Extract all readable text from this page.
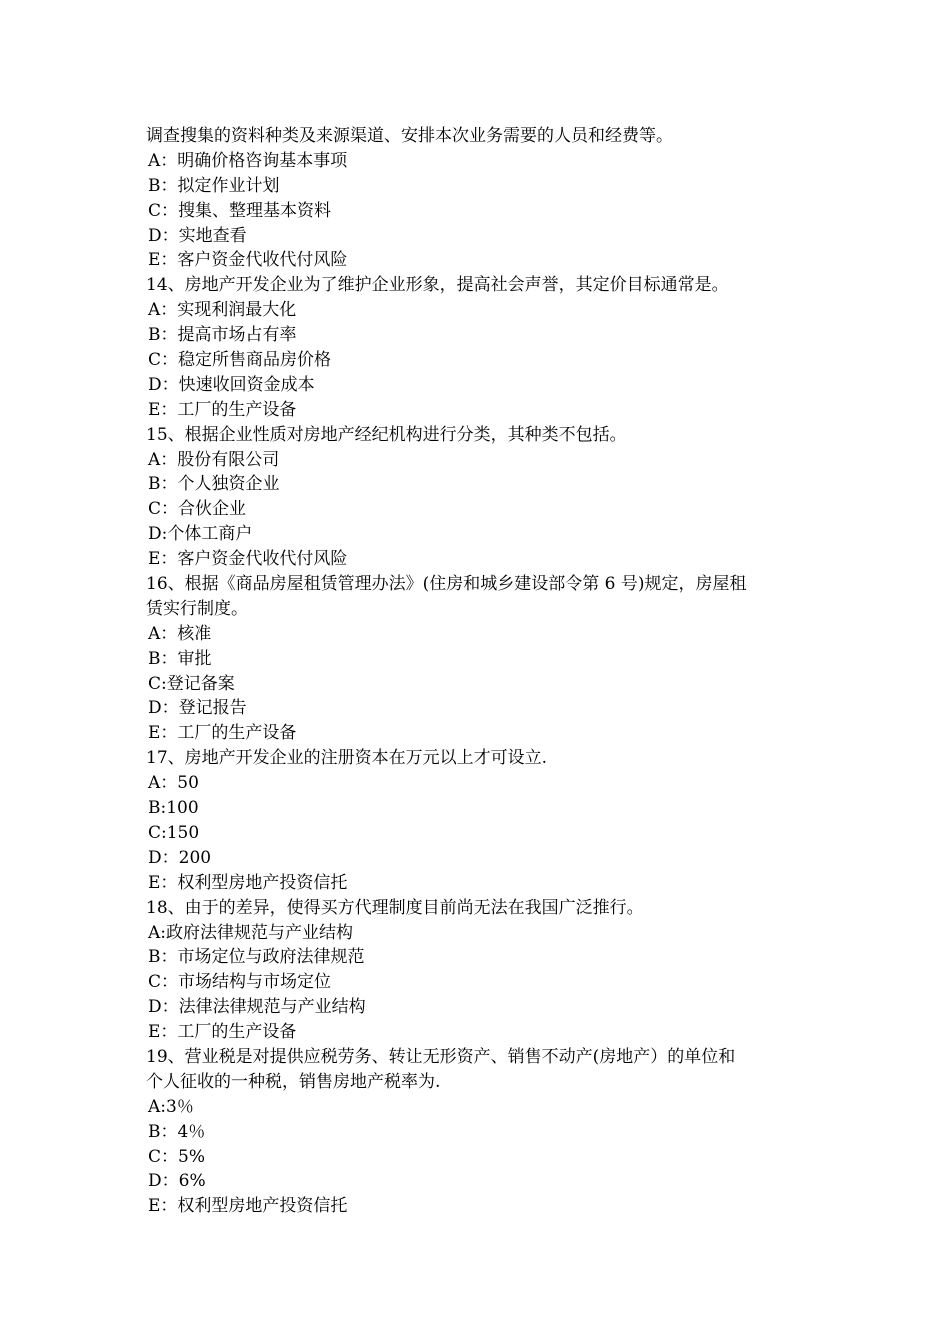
调查搜集的资料种类及来源渠道、安排本次业务需要的人员和经费等。
A：明确价格咨询基本事项
B：拟定作业计划
C：搜集、整理基本资料
D：实地查看
E：客户资金代收代付风险
14、房地产开发企业为了维护企业形象，提高社会声誉，其定价目标通常是。
A：实现利润最大化
B：提高市场占有率
C：稳定所售商品房价格
D：快速收回资金成本
E：工厂的生产设备
15、根据企业性质对房地产经纪机构进行分类，其种类不包括。
A：股份有限公司
B：个人独资企业
C：合伙企业
D:个体工商户
E：客户资金代收代付风险
16、根据《商品房屋租赁管理办法》(住房和城乡建设部令第 6 号)规定，房屋租
赁实行制度。
A：核准
B：审批
C:登记备案
D：登记报告
E：工厂的生产设备
17、房地产开发企业的注册资本在万元以上才可设立.
A：50
B:100
C:150
D：200
E：权利型房地产投资信托
18、由于的差异，使得买方代理制度目前尚无法在我国广泛推行。
A:政府法律规范与产业结构
B：市场定位与政府法律规范
C：市场结构与市场定位
D：法律法律规范与产业结构
E：工厂的生产设备
19、营业税是对提供应税劳务、转让无形资产、销售不动产(房地产）的单位和
个人征收的一种税，销售房地产税率为.
A:3％
B：4％
C：5%
D：6%
E：权利型房地产投资信托
